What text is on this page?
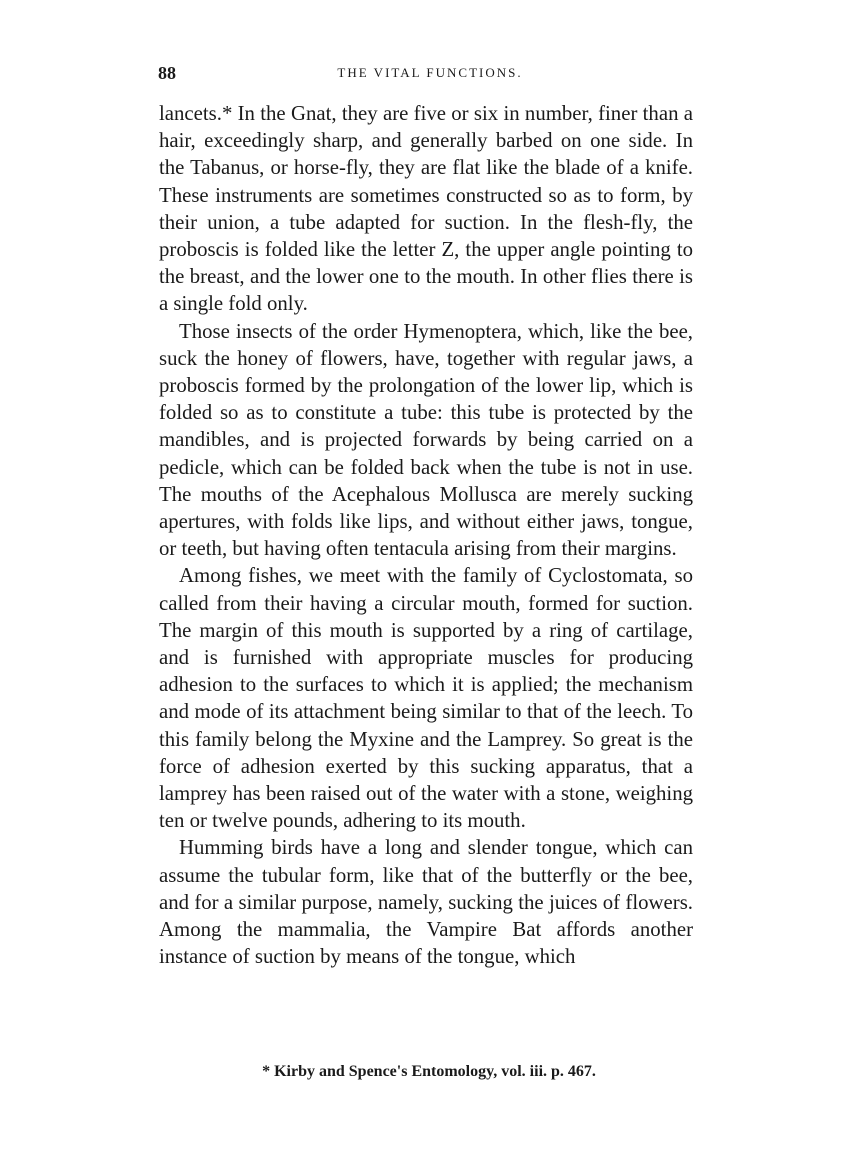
88	THE VITAL FUNCTIONS.

lancets.* In the Gnat, they are five or six in number, finer than a hair, exceedingly sharp, and generally barbed on one side. In the Tabanus, or horse-fly, they are flat like the blade of a knife. These instruments are sometimes constructed so as to form, by their union, a tube adapted for suction. In the flesh-fly, the proboscis is folded like the letter Z, the upper angle pointing to the breast, and the lower one to the mouth. In other flies there is a single fold only.

Those insects of the order Hymenoptera, which, like the bee, suck the honey of flowers, have, together with regular jaws, a proboscis formed by the prolongation of the lower lip, which is folded so as to constitute a tube: this tube is protected by the mandibles, and is projected forwards by being carried on a pedicle, which can be folded back when the tube is not in use. The mouths of the Acephalous Mollusca are merely sucking apertures, with folds like lips, and without either jaws, tongue, or teeth, but having often tentacula arising from their margins.

Among fishes, we meet with the family of Cyclostomata, so called from their having a circular mouth, formed for suction. The margin of this mouth is supported by a ring of cartilage, and is furnished with appropriate muscles for producing adhesion to the surfaces to which it is applied; the mechanism and mode of its attachment being similar to that of the leech. To this family belong the Myxine and the Lamprey. So great is the force of adhesion exerted by this sucking apparatus, that a lamprey has been raised out of the water with a stone, weighing ten or twelve pounds, adhering to its mouth.

Humming birds have a long and slender tongue, which can assume the tubular form, like that of the butterfly or the bee, and for a similar purpose, namely, sucking the juices of flowers. Among the mammalia, the Vampire Bat affords another instance of suction by means of the tongue, which

* Kirby and Spence's Entomology, vol. iii. p. 467.
